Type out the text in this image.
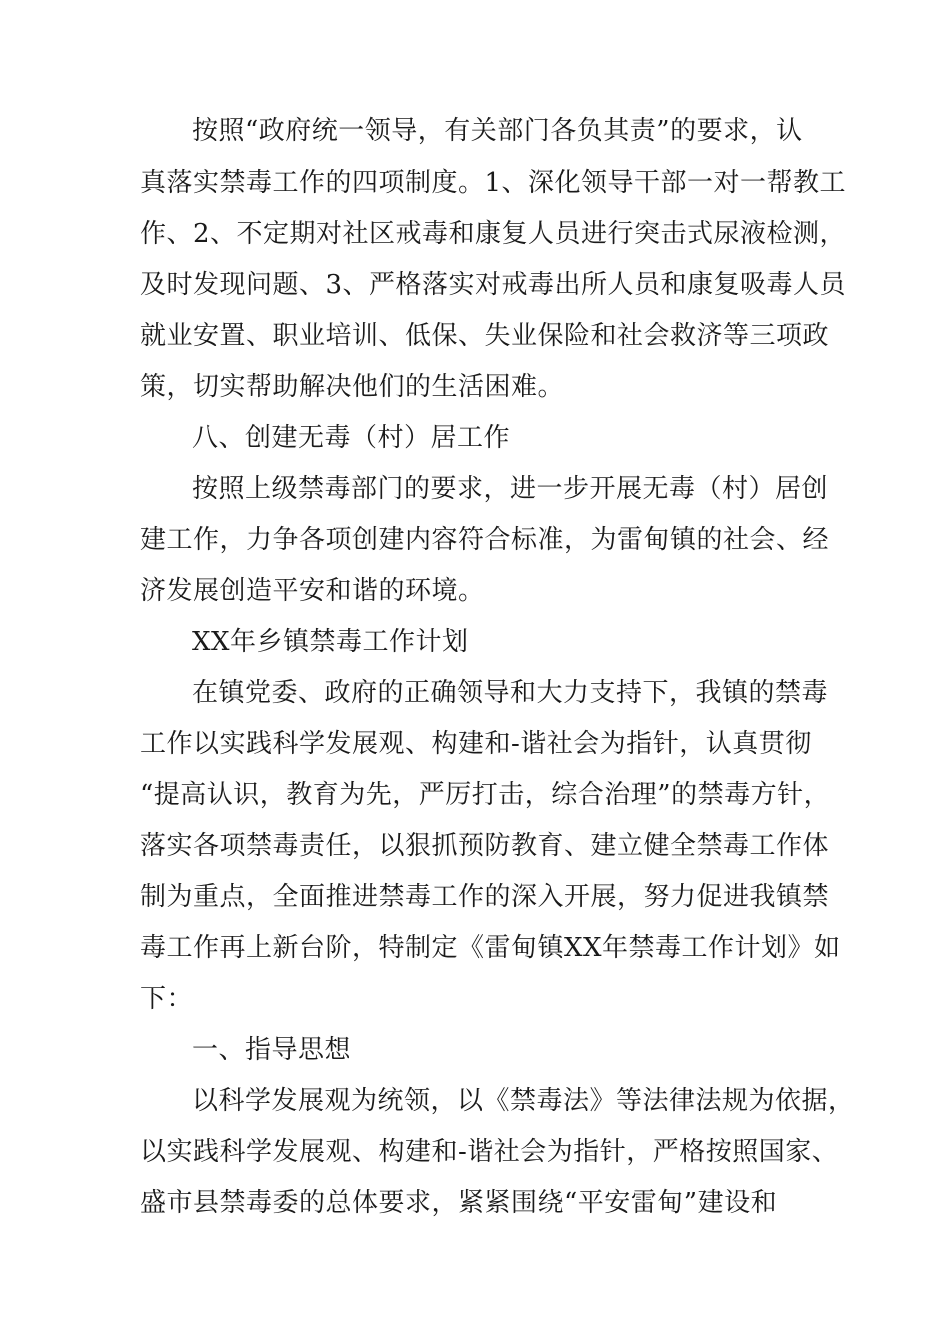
按照“政府统一领导，有关部门各负其责”的要求，认
真落实禁毒工作的四项制度。1、深化领导干部一对一帮教工
作、2、不定期对社区戒毒和康复人员进行突击式尿液检测，
及时发现问题、3、严格落实对戒毒出所人员和康复吸毒人员
就业安置、职业培训、低保、失业保险和社会救济等三项政
策，切实帮助解决他们的生活困难。
八、创建无毒（村）居工作
按照上级禁毒部门的要求，进一步开展无毒（村）居创
建工作，力争各项创建内容符合标准，为雷甸镇的社会、经
济发展创造平安和谐的环境。
XX年乡镇禁毒工作计划
在镇党委、政府的正确领导和大力支持下，我镇的禁毒
工作以实践科学发展观、构建和-谐社会为指针，认真贯彻
“提高认识，教育为先，严厉打击，综合治理”的禁毒方针，
落实各项禁毒责任，以狠抓预防教育、建立健全禁毒工作体
制为重点，全面推进禁毒工作的深入开展，努力促进我镇禁
毒工作再上新台阶，特制定《雷甸镇XX年禁毒工作计划》如
下：
一、指导思想
以科学发展观为统领，以《禁毒法》等法律法规为依据，
以实践科学发展观、构建和-谐社会为指针，严格按照国家、
盛市县禁毒委的总体要求，紧紧围绕“平安雷甸”建设和
